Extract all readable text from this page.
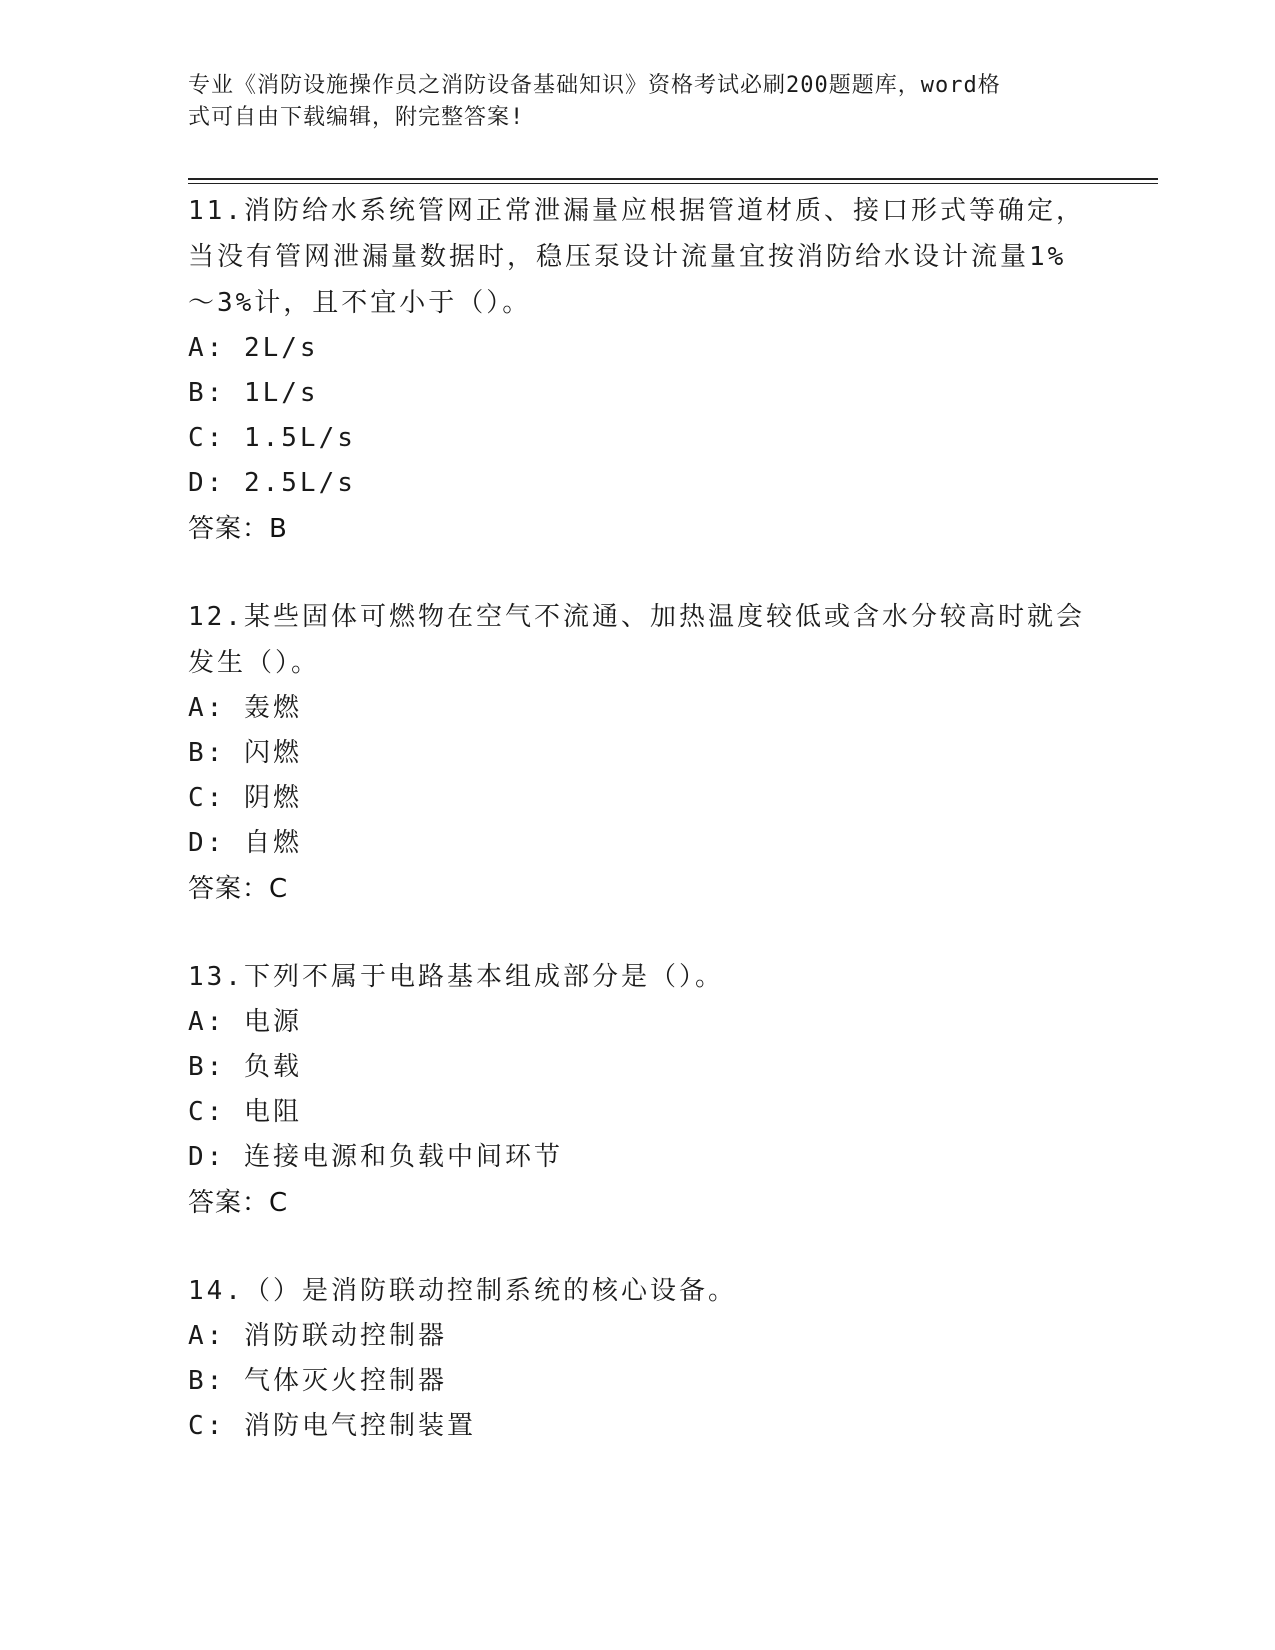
专业《消防设施操作员之消防设备基础知识》资格考试必刷200题题库，word格
式可自由下载编辑，附完整答案!

11.消防给水系统管网正常泄漏量应根据管道材质、接口形式等确定，

当没有管网泄漏量数据时，稳压泵设计流量宜按消防给水设计流量1%

～3%计，且不宜小于（）。

A: 2L/s

B: 1L/s

C: 1.5L/s

D: 2.5L/s

答案：B

12.某些固体可燃物在空气不流通、加热温度较低或含水分较高时就会

发生（）。

A: 轰燃

B: 闪燃

C: 阴燃

D: 自燃

答案：C

13.下列不属于电路基本组成部分是（）。

A: 电源

B: 负载

C: 电阻

D: 连接电源和负载中间环节

答案：C

14.（）是消防联动控制系统的核心设备。

A: 消防联动控制器

B: 气体灭火控制器

C: 消防电气控制装置
